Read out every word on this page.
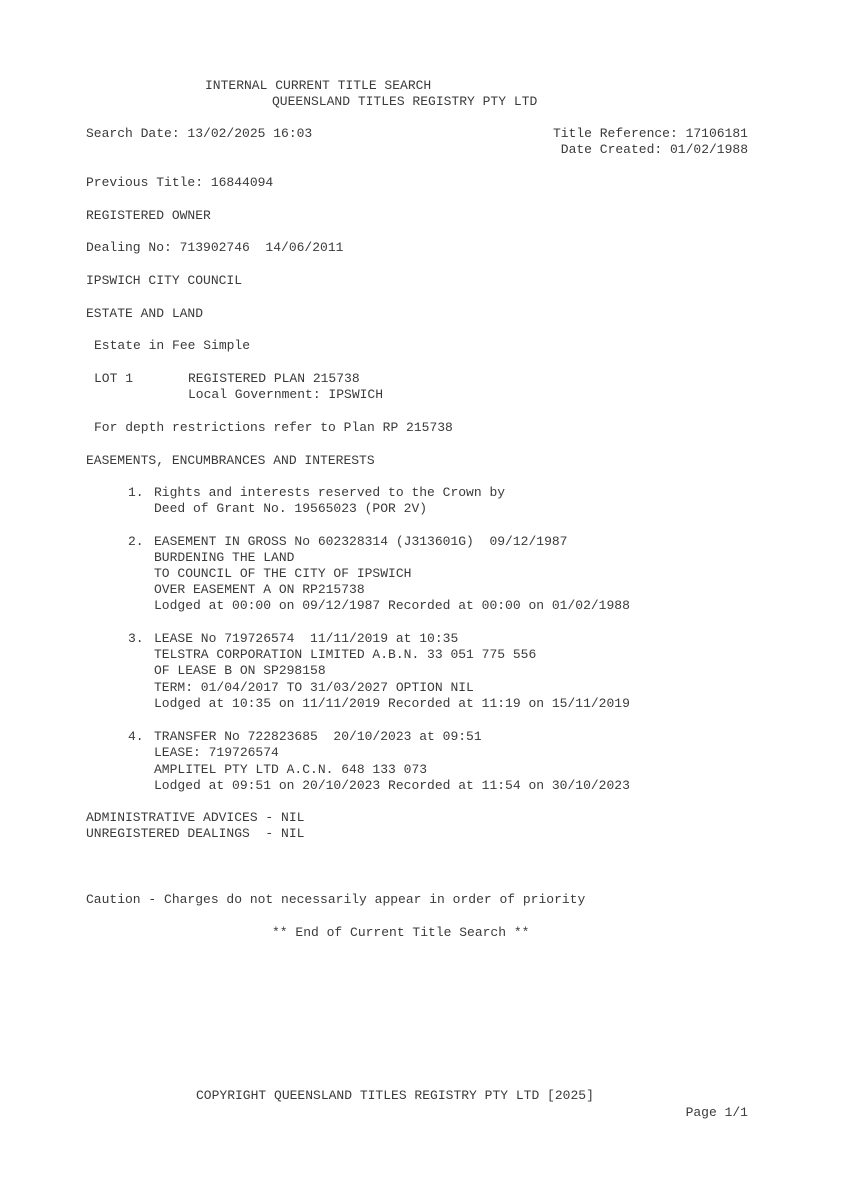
INTERNAL CURRENT TITLE SEARCH

QUEENSLAND TITLES REGISTRY PTY LTD

Search Date: 13/02/2025 16:03	Title Reference: 17106181

Date Created: 01/02/1988

Previous Title: 16844094

REGISTERED OWNER

Dealing No: 713902746  14/06/2011

IPSWICH CITY COUNCIL

ESTATE AND LAND

Estate in Fee Simple

LOT 1	REGISTERED PLAN 215738

Local Government: IPSWICH

For depth restrictions refer to Plan RP 215738

EASEMENTS, ENCUMBRANCES AND INTERESTS

1. Rights and interests reserved to the Crown by

Deed of Grant No. 19565023 (POR 2V)

2. EASEMENT IN GROSS No 602328314 (J313601G)  09/12/1987

BURDENING THE LAND

TO COUNCIL OF THE CITY OF IPSWICH

OVER EASEMENT A ON RP215738

Lodged at 00:00 on 09/12/1987 Recorded at 00:00 on 01/02/1988

3. LEASE No 719726574  11/11/2019 at 10:35

TELSTRA CORPORATION LIMITED A.B.N. 33 051 775 556

OF LEASE B ON SP298158

TERM: 01/04/2017 TO 31/03/2027 OPTION NIL

Lodged at 10:35 on 11/11/2019 Recorded at 11:19 on 15/11/2019

4. TRANSFER No 722823685  20/10/2023 at 09:51

LEASE: 719726574

AMPLITEL PTY LTD A.C.N. 648 133 073

Lodged at 09:51 on 20/10/2023 Recorded at 11:54 on 30/10/2023

ADMINISTRATIVE ADVICES - NIL

UNREGISTERED DEALINGS  - NIL

Caution - Charges do not necessarily appear in order of priority

** End of Current Title Search **

COPYRIGHT QUEENSLAND TITLES REGISTRY PTY LTD [2025]

Page 1/1
